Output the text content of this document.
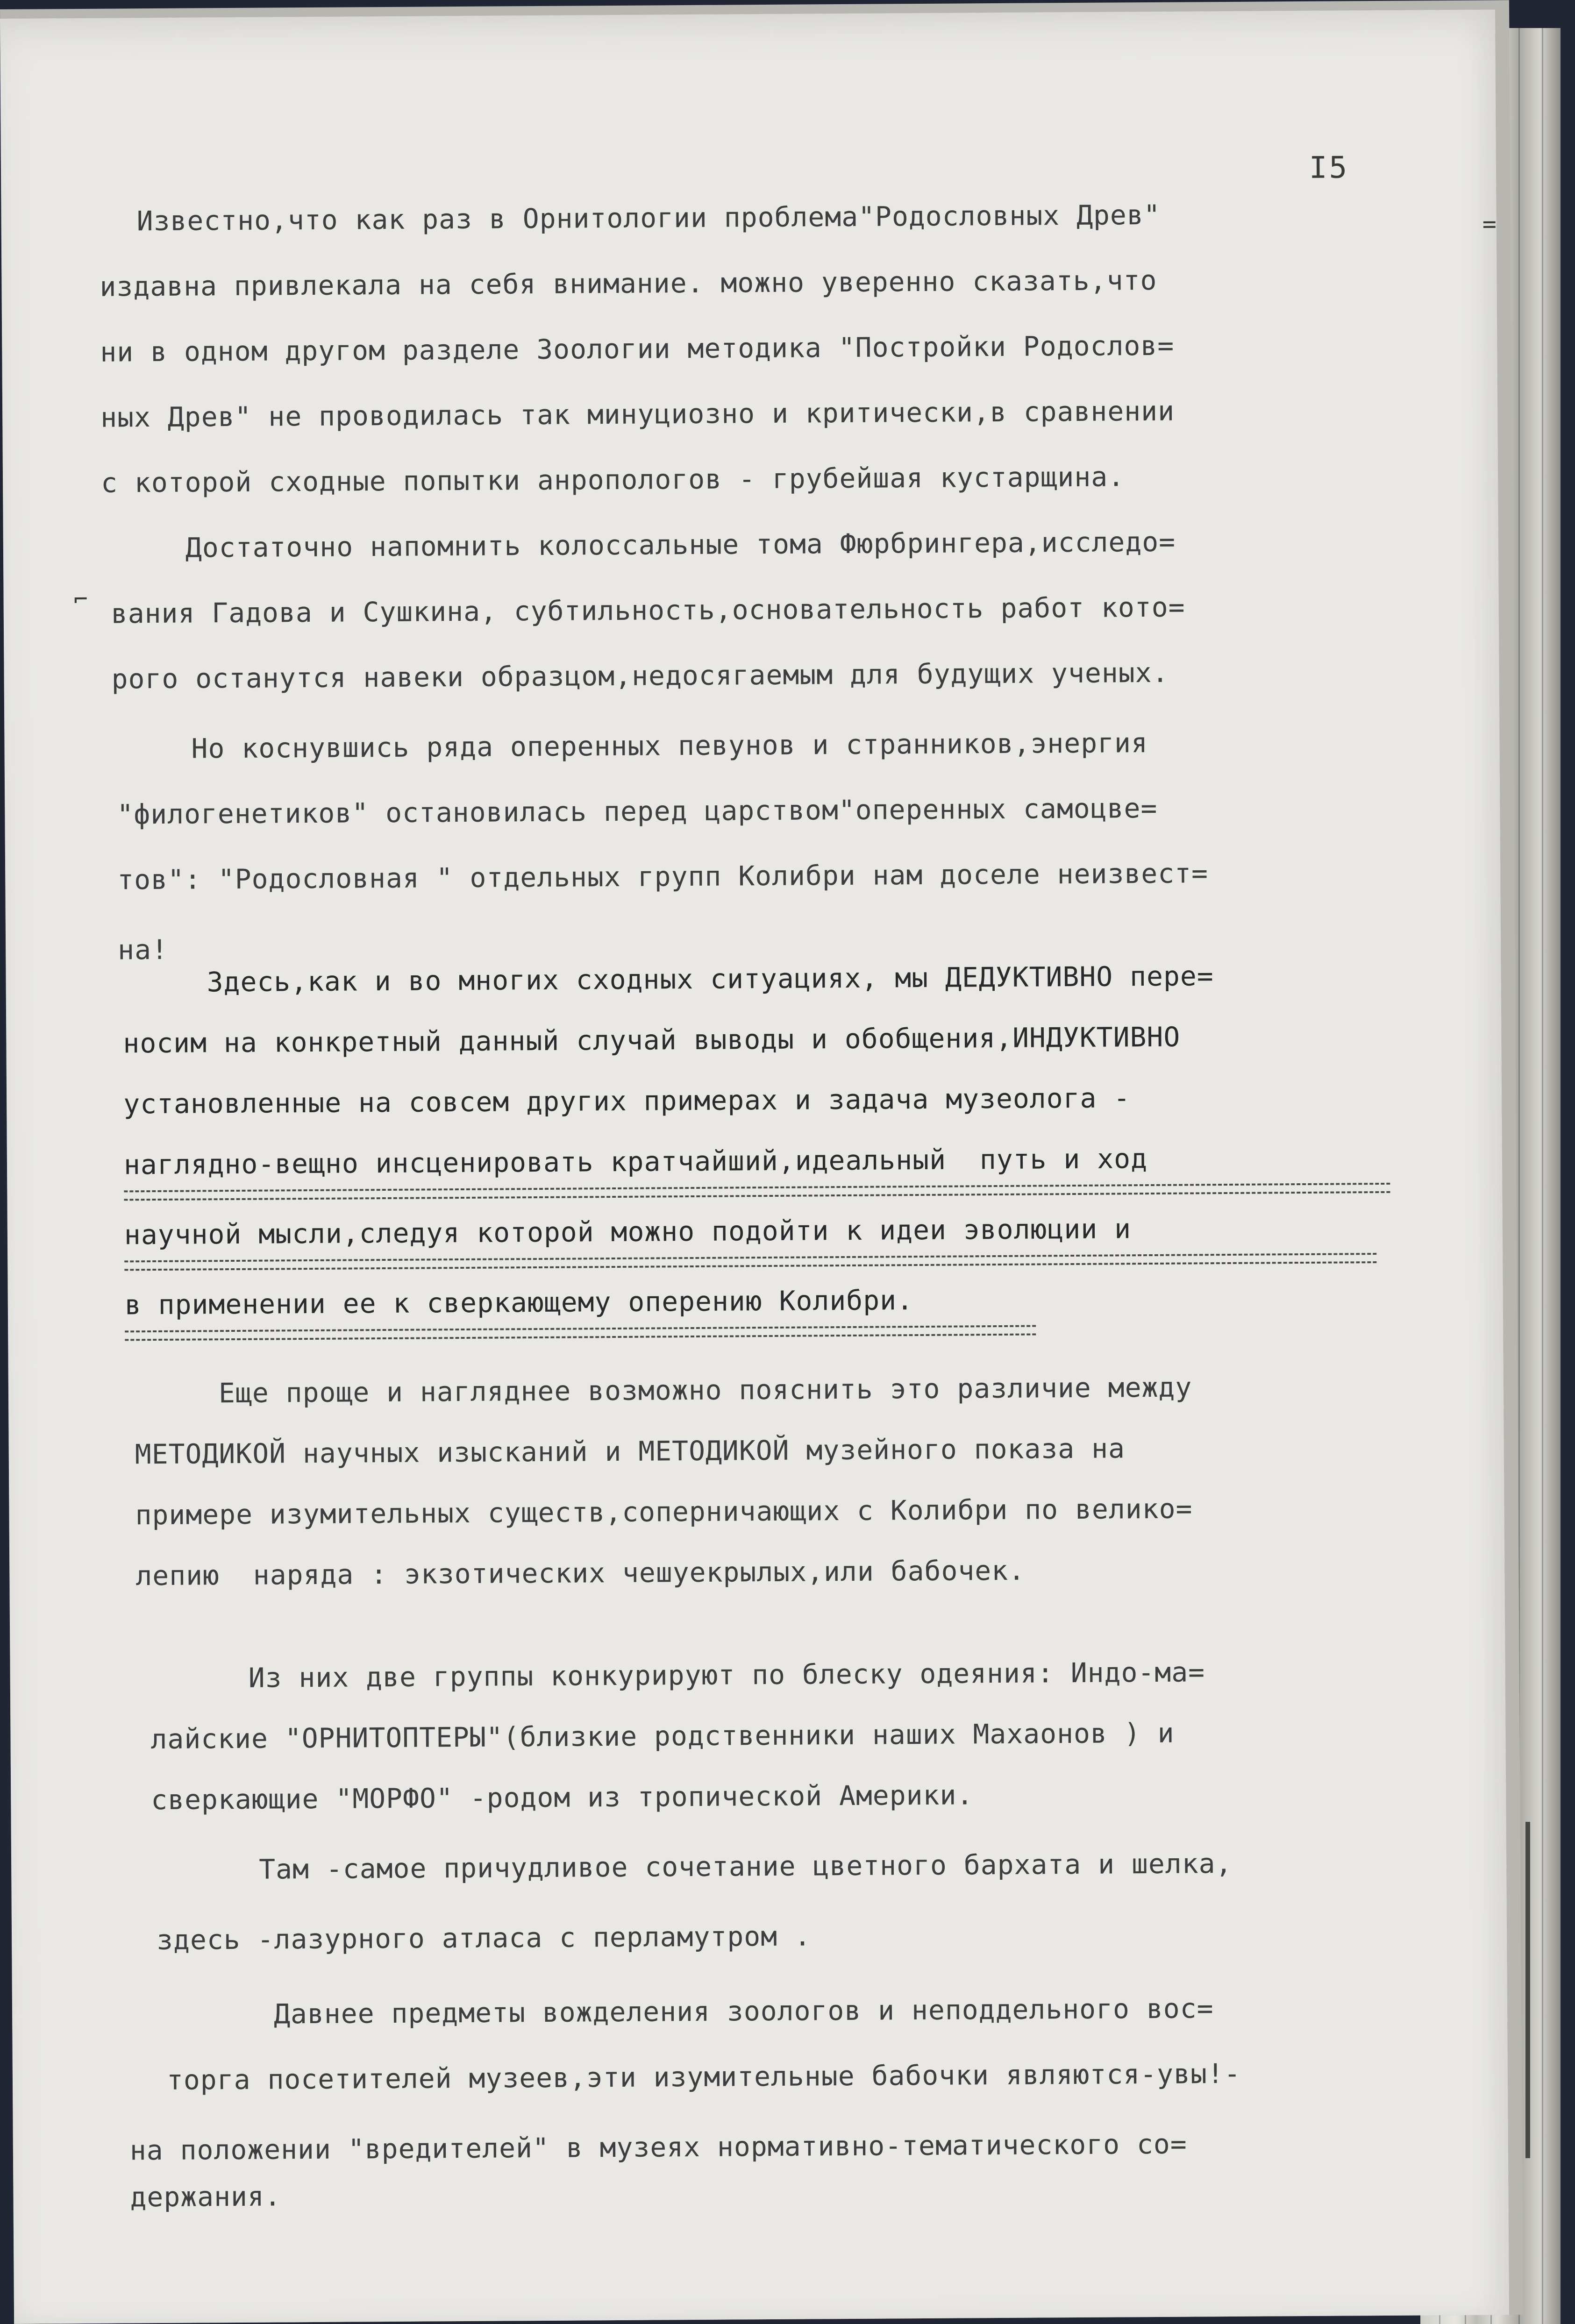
I5
Известно,что как раз в Орнитологии проблема"Родословных Древ"
издавна привлекала на себя внимание. можно уверенно сказать,что
ни в одном другом разделе Зоологии методика "Постройки Родослов=
ных Древ" не проводилась так минуциозно и критически,в сравнении
с которой сходные попытки анропологов - грубейшая кустарщина.
Достаточно напомнить колоссальные тома Фюрбрингера,исследо=
вания Гадова и Сушкина, субтильность,основательность работ кото=
рого останутся навеки образцом,недосягаемым для будущих ученых.
Но коснувшись ряда оперенных певунов и странников,энергия
"филогенетиков" остановилась перед царством"оперенных самоцве=
тов": "Родословная " отдельных групп Колибри нам доселе неизвест=
на!
Здесь,как и во многих сходных ситуациях, мы ДЕДУКТИВНО пере=
носим на конкретный данный случай выводы и обобщения,ИНДУКТИВНО
установленные на совсем других примерах и задача музеолога -
наглядно-вещно инсценировать кратчайший,идеальный  путь и ход
научной мысли,следуя которой можно подойти к идеи эволюции и
в применении ее к сверкающему оперению Колибри.
Еще проще и нагляднее возможно пояснить это различие между
МЕТОДИКОЙ научных изысканий и МЕТОДИКОЙ музейного показа на
примере изумительных существ,соперничающих с Колибри по велико=
лепию  наряда : экзотических чешуекрылых,или бабочек.
Из них две группы конкурируют по блеску одеяния: Индо-ма=
лайские "ОРНИТОПТЕРЫ"(близкие родственники наших Махаонов ) и
сверкающие "МОРФО" -родом из тропической Америки.
Там -самое причудливое сочетание цветного бархата и шелка,
здесь -лазурного атласа с перламутром .
Давнее предметы вожделения зоологов и неподдельного вос=
торга посетителей музеев,эти изумительные бабочки являются-увы!-
на положении "вредителей" в музеях нормативно-тематического со=
держания.
=
⌐
